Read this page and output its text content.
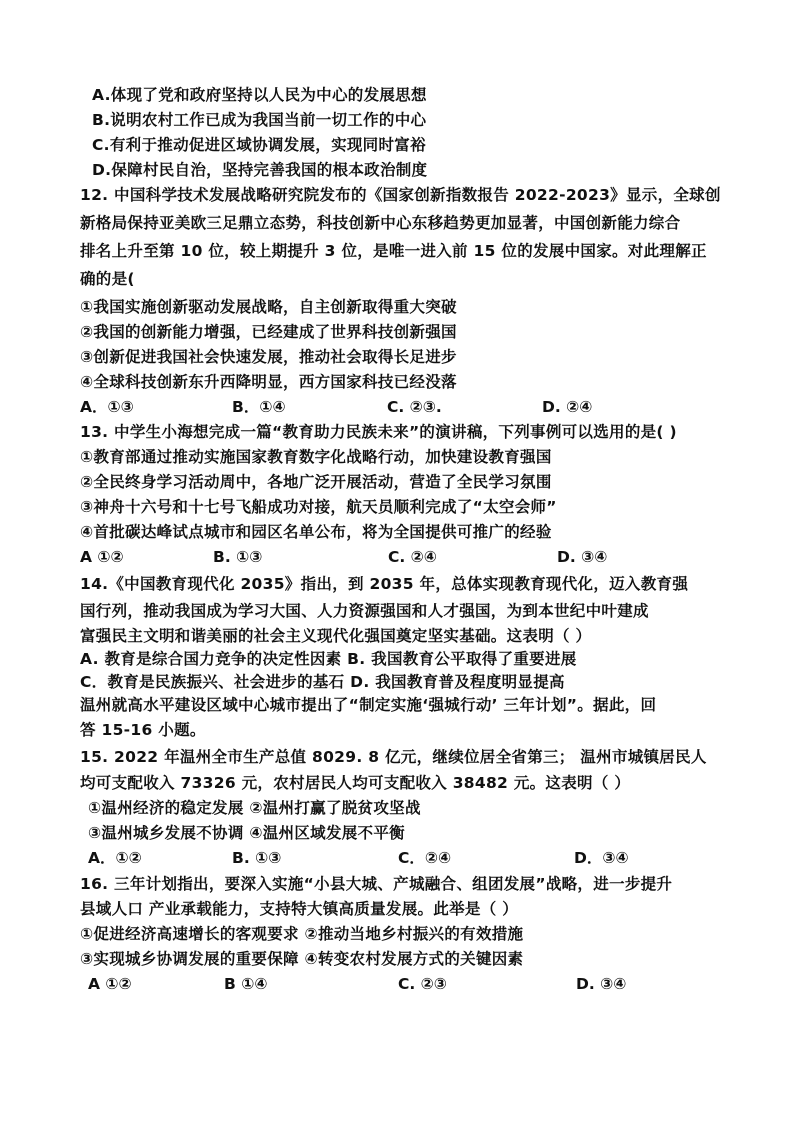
A.体现了党和政府坚持以人民为中心的发展思想
B.说明农村工作已成为我国当前一切工作的中心
C.有利于推动促进区域协调发展，实现同时富裕
D.保障村民自治，坚持完善我国的根本政治制度
12. 中国科学技术发展战略研究院发布的《国家创新指数报告 2022-2023》显示，全球创
新格局保持亚美欧三足鼎立态势，科技创新中心东移趋势更加显著，中国创新能力综合
排名上升至第 10 位，较上期提升 3 位，是唯一进入前 15 位的发展中国家。对此理解正
确的是(
①我国实施创新驱动发展战略，自主创新取得重大突破
②我国的创新能力增强，已经建成了世界科技创新强国
③创新促进我国社会快速发展，推动社会取得长足进步
④全球科技创新东升西降明显，西方国家科技已经没落
A．①③	B．①④	C. ②③.	D. ②④
13. 中学生小海想完成一篇“教育助力民族未来”的演讲稿，下列事例可以选用的是( )
①教育部通过推动实施国家教育数字化战略行动，加快建设教育强国
②全民终身学习活动周中，各地广泛开展活动，营造了全民学习氛围
③神舟十六号和十七号飞船成功对接，航天员顺利完成了“太空会师”
④首批碳达峰试点城市和园区名单公布，将为全国提供可推广的经验
A ①②	B. ①③	C. ②④	D. ③④
14.《中国教育现代化 2035》指出，到 2035 年，总体实现教育现代化，迈入教育强
国行列，推动我国成为学习大国、人力资源强国和人才强国，为到本世纪中叶建成
富强民主文明和谐美丽的社会主义现代化强国奠定坚实基础。这表明（ ）
A. 教育是综合国力竞争的决定性因素 B. 我国教育公平取得了重要进展
C．教育是民族振兴、社会进步的基石 D. 我国教育普及程度明显提高
温州就高水平建设区域中心城市提出了“制定实施‘强城行动’ 三年计划”。据此，回
答 15-16 小题。
15. 2022 年温州全市生产总值 8029. 8 亿元，继续位居全省第三； 温州市城镇居民人
均可支配收入 73326 元，农村居民人均可支配收入 38482 元。这表明（ ）
①温州经济的稳定发展 ②温州打赢了脱贫攻坚战
③温州城乡发展不协调 ④温州区域发展不平衡
A．①②	B. ①③	C．②④	D．③④
16. 三年计划指出，要深入实施“小县大城、产城融合、组团发展”战略，进一步提升
县域人口 产业承载能力，支持特大镇高质量发展。此举是（ ）
①促进经济高速增长的客观要求 ②推动当地乡村振兴的有效措施
③实现城乡协调发展的重要保障 ④转变农村发展方式的关键因素
A ①②	B ①④	C. ②③	D. ③④
